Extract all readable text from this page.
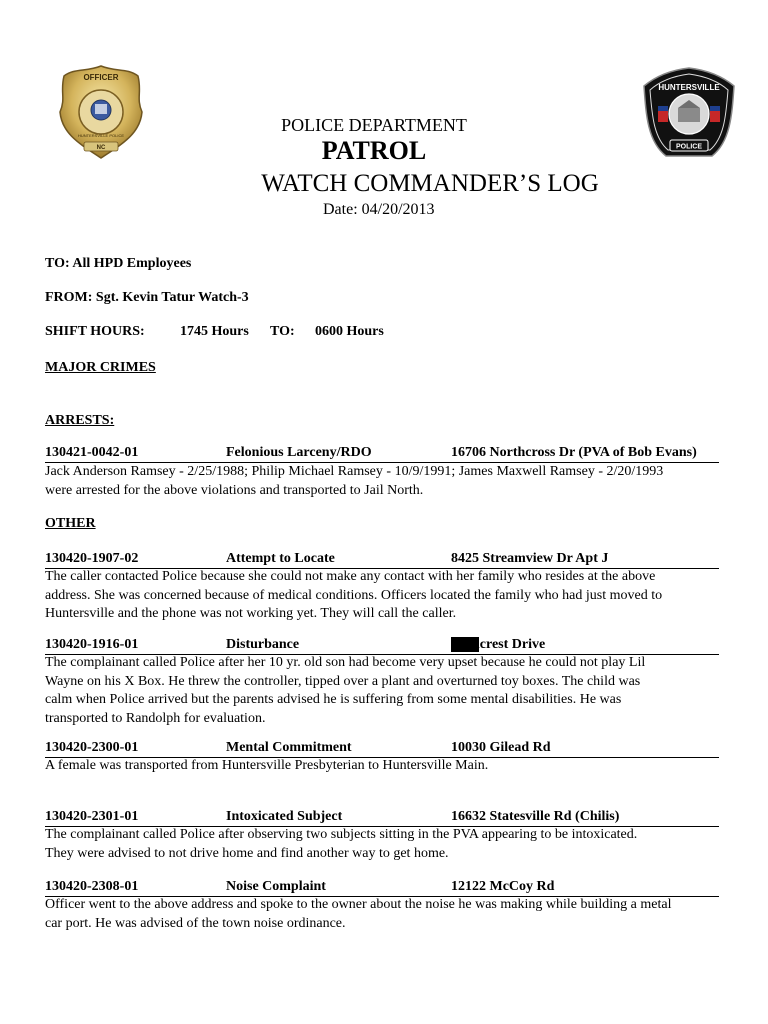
NC
OFFICER
HUNTERSVILLE POLICE
HUNTERSVILLE
POLICE
POLICE DEPARTMENT
PATROL
WATCH COMMANDER’S LOG
Date: 04/20/2013
TO: All HPD Employees
FROM: Sgt. Kevin Tatur Watch-3
SHIFT HOURS:	1745 Hours TO: 0600 Hours
MAJOR CRIMES
ARRESTS:
130421-0042-01	Felonious Larceny/RDO	16706 Northcross Dr (PVA of Bob Evans)
Jack Anderson Ramsey - 2/25/1988; Philip Michael Ramsey - 10/9/1991; James Maxwell Ramsey - 2/20/1993
were arrested for the above violations and transported to Jail North.
OTHER
130420-1907-02	Attempt to Locate	8425 Streamview Dr Apt J
The caller contacted Police because she could not make any contact with her family who resides at the above
address. She was concerned because of medical conditions. Officers located the family who had just moved to
Huntersville and the phone was not working yet. They will call the caller.
130420-1916-01	Disturbance	Glencrest Drive
The complainant called Police after her 10 yr. old son had become very upset because he could not play Lil
Wayne on his X Box. He threw the controller, tipped over a plant and overturned toy boxes. The child was
calm when Police arrived but the parents advised he is suffering from some mental disabilities. He was
transported to Randolph for evaluation.
130420-2300-01	Mental Commitment	10030 Gilead Rd
A female was transported from Huntersville Presbyterian to Huntersville Main.
130420-2301-01	Intoxicated Subject	16632 Statesville Rd (Chilis)
The complainant called Police after observing two subjects sitting in the PVA appearing to be intoxicated.
They were advised to not drive home and find another way to get home.
130420-2308-01	Noise Complaint	12122 McCoy Rd
Officer went to the above address and spoke to the owner about the noise he was making while building a metal
car port. He was advised of the town noise ordinance.
